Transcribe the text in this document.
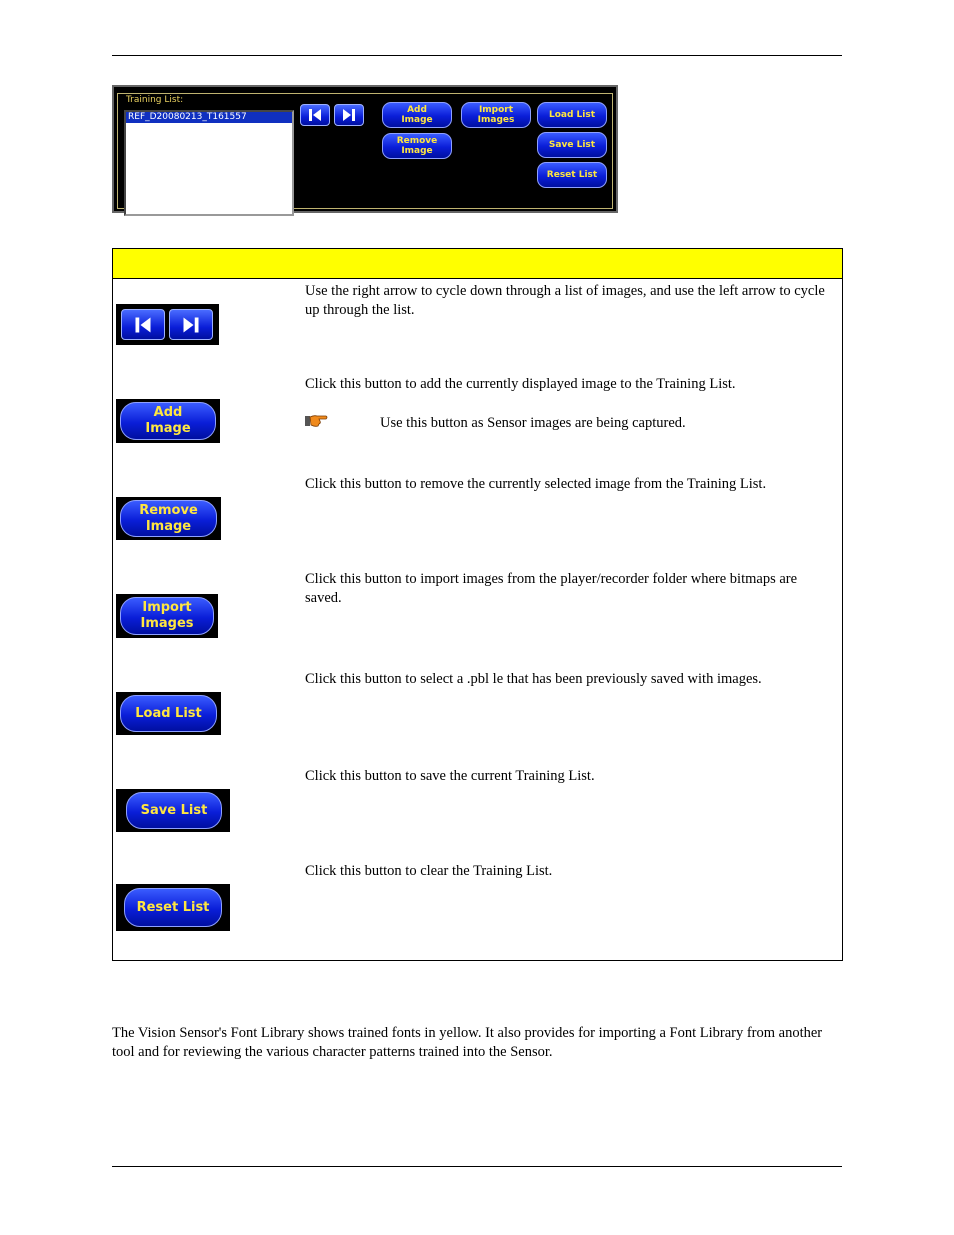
Training List:
REF_D20080213_T161557
Add
Image
Remove
Image
Import
Images	Load List
Save List
Reset List
Use the right arrow to cycle down through a list of images, and use the left arrow to cycle up through the list.
Add
Image
Click this button to add the currently displayed image to the Training List.
Use this button as Sensor images are being captured.
Remove
Image
Click this button to remove the currently selected image from the Training List.
Import
Images
Click this button to import images from the player/recorder folder where bitmaps are saved.
Load List
Click this button to select a .pbl le that has been previously saved with images.
Save List
Click this button to save the current Training List.
Reset List
Click this button to clear the Training List.
The Vision Sensor's Font Library shows trained fonts in yellow. It also provides for importing a Font Library from another tool and for reviewing the various character patterns trained into the Sensor.
